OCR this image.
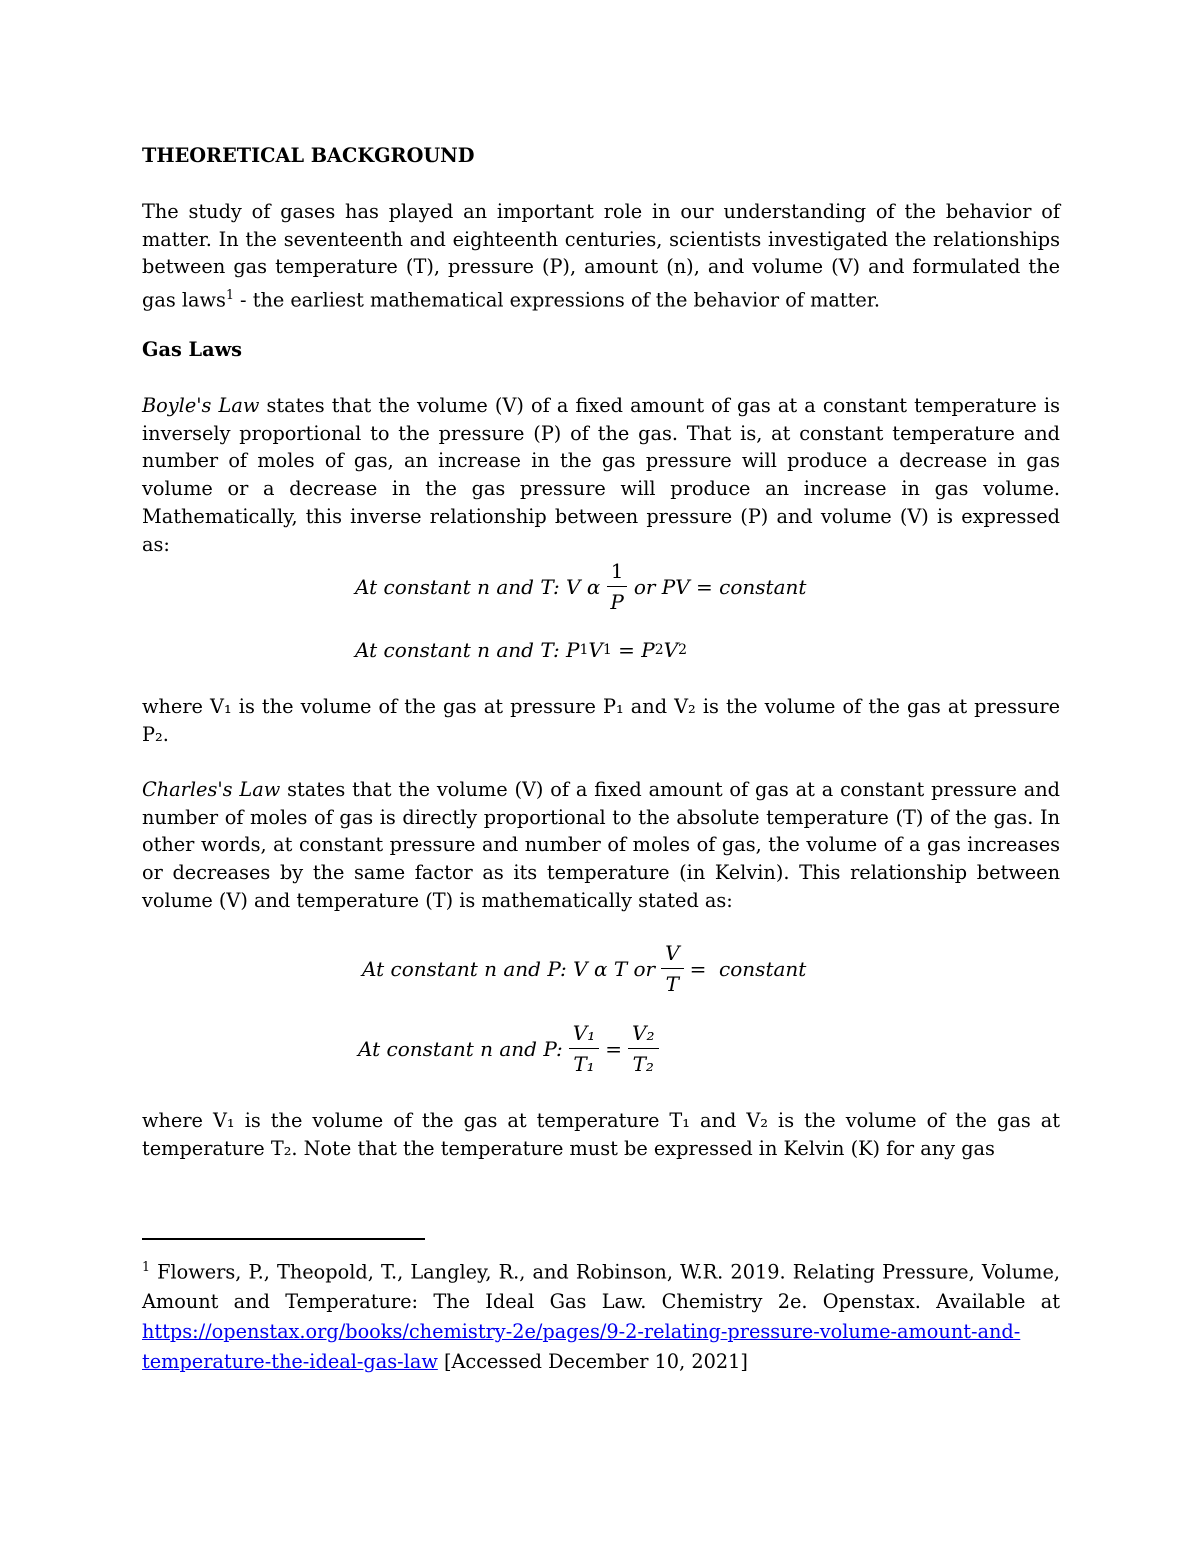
THEORETICAL BACKGROUND
The study of gases has played an important role in our understanding of the behavior of matter. In the seventeenth and eighteenth centuries, scientists investigated the relationships between gas temperature (T), pressure (P), amount (n), and volume (V) and formulated the gas laws$^1$ - the earliest mathematical expressions of the behavior of matter.
Gas Laws
Boyle's Law states that the volume (V) of a fixed amount of gas at a constant temperature is inversely proportional to the pressure (P) of the gas. That is, at constant temperature and number of moles of gas, an increase in the gas pressure will produce a decrease in gas volume or a decrease in the gas pressure will produce an increase in gas volume. Mathematically, this inverse relationship between pressure (P) and volume (V) is expressed as:
At constant n and T: V α $\frac{1}{P}$ or PV = constant
At constant n and T: P 1 V 1 = P 2 V 2
where V₁ is the volume of the gas at pressure P₁ and V₂ is the volume of the gas at pressure P₂.
Charles's Law states that the volume (V) of a fixed amount of gas at a constant pressure and number of moles of gas is directly proportional to the absolute temperature (T) of the gas. In other words, at constant pressure and number of moles of gas, the volume of a gas increases or decreases by the same factor as its temperature (in Kelvin). This relationship between volume (V) and temperature (T) is mathematically stated as:
At constant n and P: V α T or $\frac{V}{T}$ =  constant
At constant n and P: $\frac{\text{V₁}}{\text{T₁}} = \frac{\text{V₂}}{\text{T₂}}$
where V₁ is the volume of the gas at temperature T₁ and V₂ is the volume of the gas at temperature T₂. Note that the temperature must be expressed in Kelvin (K) for any gas
$^1$ Flowers, P., Theopold, T., Langley, R., and Robinson, W.R. 2019. Relating Pressure, Volume, Amount and Temperature: The Ideal Gas Law. Chemistry 2e. Openstax. Available at https://openstax.org/books/chemistry-2e/pages/9-2-relating-pressure-volume-amount-and-temperature-the-ideal-gas-law [Accessed December 10, 2021]
